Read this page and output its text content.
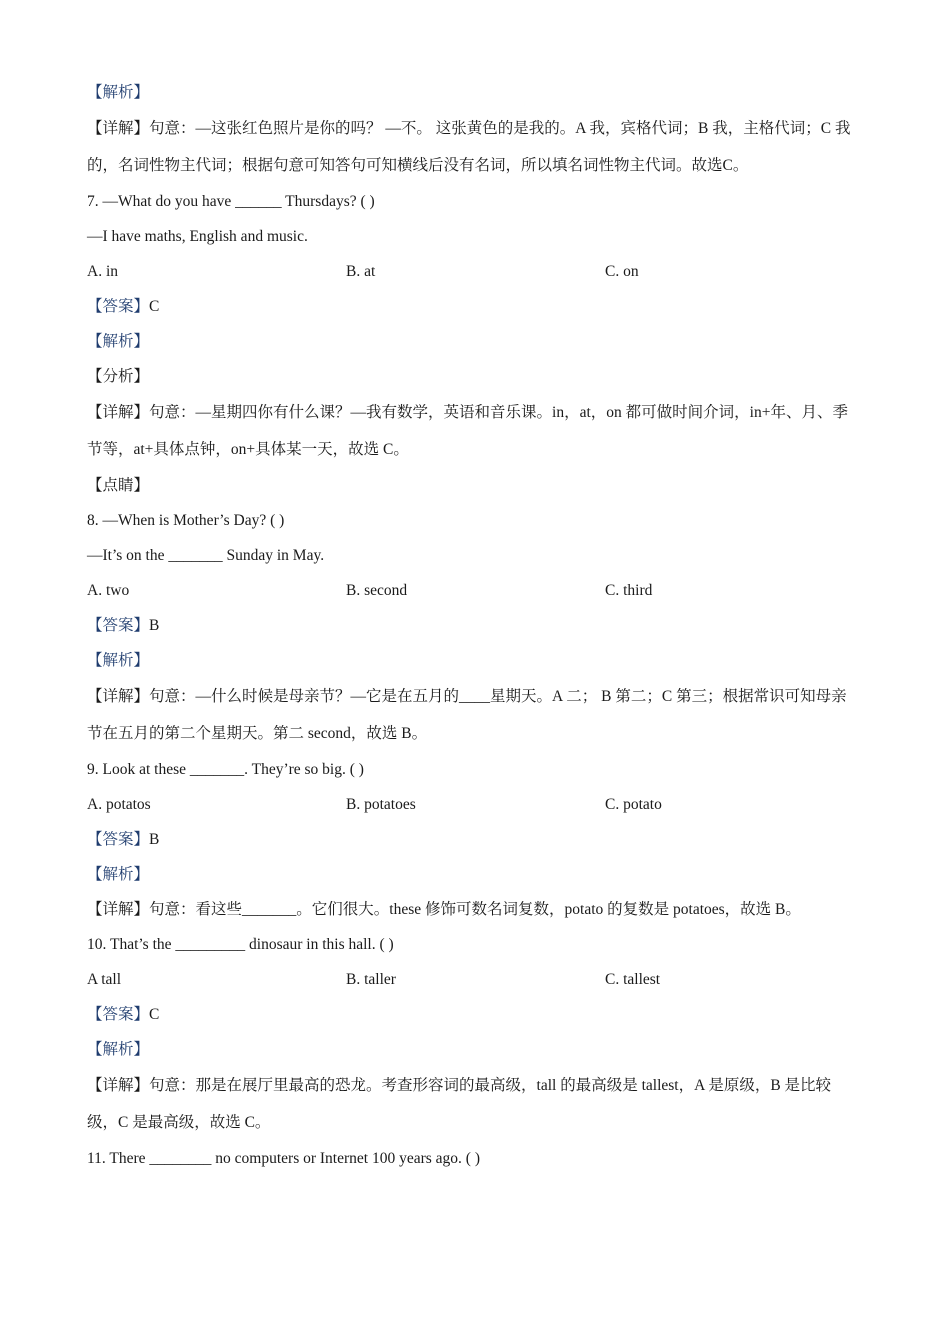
【解析】

【详解】句意：—这张红色照片是你的吗？ —不。 这张黄色的是我的。A 我，宾格代词；B 我，主格代词；C 我的，名词性物主代词；根据句意可知答句可知横线后没有名词，所以填名词性物主代词。故选C。

7. —What do you have ______ Thursdays? ( )
—I have maths, English and music.
A. in	B. at	C. on
【答案】C
【解析】
【分析】

【详解】句意：—星期四你有什么课？—我有数学，英语和音乐课。in，at，on 都可做时间介词，in+年、月、季节等，at+具体点钟，on+具体某一天，故选 C。

【点睛】
8. —When is Mother’s Day? ( )
—It’s on the _______ Sunday in May.
A. two	B. second	C. third
【答案】B
【解析】

【详解】句意：—什么时候是母亲节？—它是在五月的____星期天。A 二； B 第二；C 第三；根据常识可知母亲节在五月的第二个星期天。第二 second，故选 B。

9. Look at these _______. They’re so big. ( )
A. potatos	B. potatoes	C. potato
【答案】B
【解析】
【详解】句意：看这些_______。它们很大。these 修饰可数名词复数，potato 的复数是 potatoes，故选 B。
10. That’s the _________ dinosaur in this hall. ( )
A tall	B. taller	C. tallest
【答案】C
【解析】

【详解】句意：那是在展厅里最高的恐龙。考查形容词的最高级，tall 的最高级是 tallest，A 是原级，B 是比较级，C 是最高级，故选 C。

11. There ________ no computers or Internet 100 years ago. ( )
